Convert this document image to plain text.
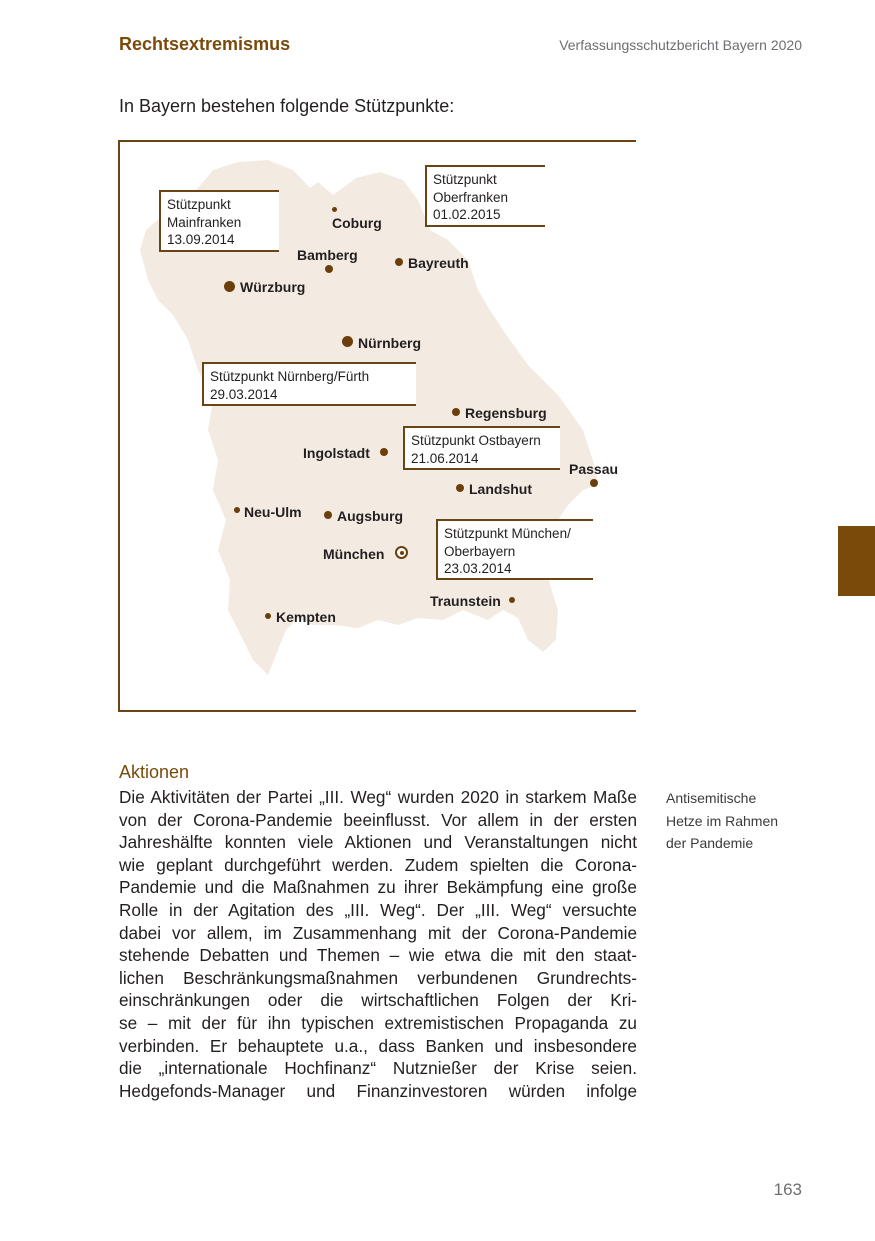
Rechtsextremismus	Verfassungsschutzbericht Bayern 2020
In Bayern bestehen folgende Stützpunkte:
Coburg
Bamberg	Bayreuth
Würzburg
Nürnberg
Regensburg
Ingolstadt
Passau
Landshut
Neu-Ulm	Augsburg
München
Traunstein
Kempten
Stützpunkt
Mainfranken
13.09.2014
Stützpunkt
Oberfranken
01.02.2015
Stützpunkt Nürnberg/Fürth
29.03.2014
Stützpunkt Ostbayern
21.06.2014
Stützpunkt München/
Oberbayern
23.03.2014
Aktionen
Die Aktivitäten der Partei „III. Weg“ wurden 2020 in starkem Maße
von der Corona-Pandemie beeinflusst. Vor allem in der ersten
Jahreshälfte konnten viele Aktionen und Veranstaltungen nicht
wie geplant durchgeführt werden. Zudem spielten die Corona-
Pandemie und die Maßnahmen zu ihrer Bekämpfung eine große
Rolle in der Agitation des „III. Weg“. Der „III. Weg“ versuchte
dabei vor allem, im Zusammenhang mit der Corona-Pandemie
stehende Debatten und Themen – wie etwa die mit den staat-
lichen Beschränkungsmaßnahmen verbundenen Grundrechts-
einschränkungen oder die wirtschaftlichen Folgen der Kri-
se – mit der für ihn typischen extremistischen Propaganda zu
verbinden. Er behauptete u.a., dass Banken und insbesondere
die „internationale Hochfinanz“ Nutznießer der Krise seien.
Hedgefonds-Manager und Finanzinvestoren würden infolge
Antisemitische
Hetze im Rahmen
der Pandemie
163
